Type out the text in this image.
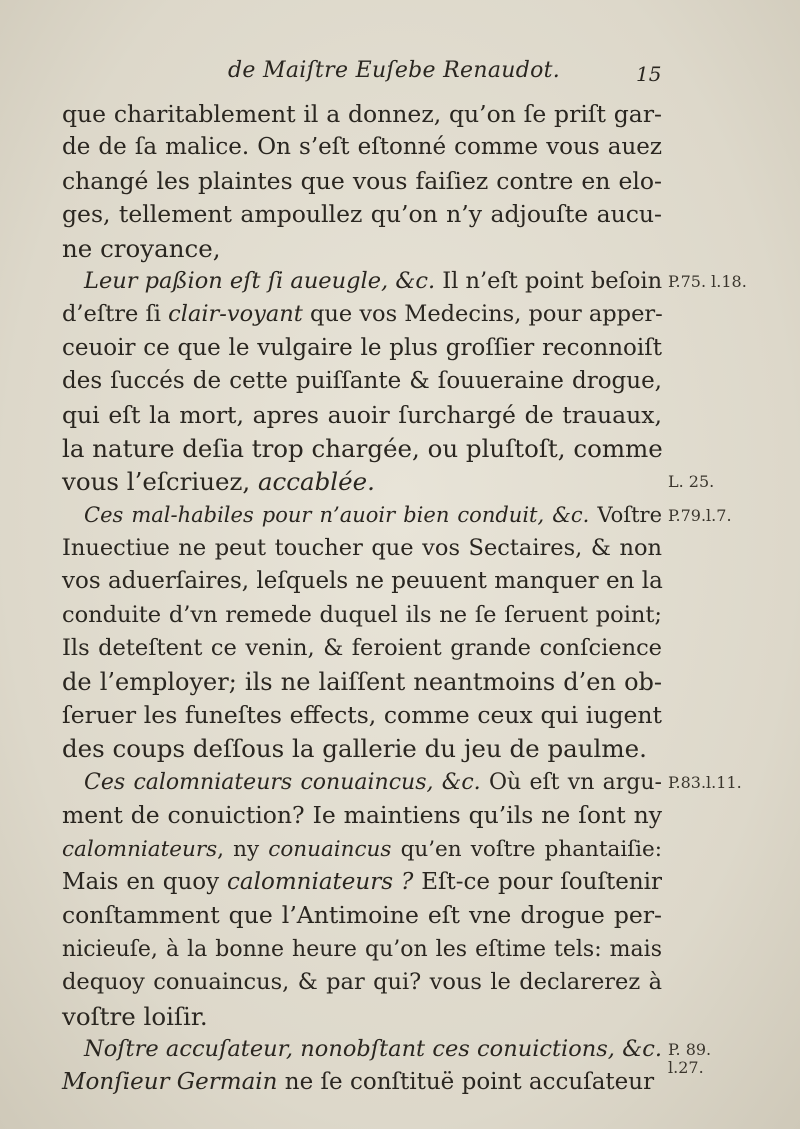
de Maiſtre Euſebe Renaudot.	15
que charitablement il a donnez, qu’on ſe priſt gar-
de de ſa malice. On s’eſt eſtonné comme vous auez
changé les plaintes que vous faiſiez contre en elo-
ges, tellement ampoullez qu’on n’y adjouſte aucu-
ne croyance,
Leur paßion eſt ſi aueugle, &c. Il n’eſt point beſoin
d’eſtre ſi clair-voyant que vos Medecins, pour apper-
ceuoir ce que le vulgaire le plus groſſier reconnoiſt
des ſuccés de cette puiſſante & ſouueraine drogue,
qui eſt la mort, apres auoir ſurchargé de trauaux,
la nature deſia trop chargée, ou pluſtoſt, comme
vous l’eſcriuez, accablée.
Ces mal-habiles pour n’auoir bien conduit, &c. Voſtre
Inuectiue ne peut toucher que vos Sectaires, & non
vos aduerſaires, leſquels ne peuuent manquer en la
conduite d’vn remede duquel ils ne ſe ſeruent point;
Ils deteſtent ce venin, & feroient grande conſcience
de l’employer; ils ne laiſſent neantmoins d’en ob-
ſeruer les funeſtes effects, comme ceux qui iugent
des coups deſſous la gallerie du jeu de paulme.
Ces calomniateurs conuaincus, &c. Où eſt vn argu-
ment de conuiction? Ie maintiens qu’ils ne ſont ny
calomniateurs, ny conuaincus qu’en voſtre phantaiſie:
Mais en quoy calomniateurs ? Eſt-ce pour ſouſtenir
conſtamment que l’Antimoine eſt vne drogue per-
nicieuſe, à la bonne heure qu’on les eſtime tels: mais
dequoy conuaincus, & par qui? vous le declarerez à
voſtre loiſir.
Noſtre accuſateur, nonobſtant ces conuictions, &c.
Monſieur Germain ne ſe conſtituë point accuſateur
P.75. l.18.
L. 25.
P.79.l.7.
P.83.l.11.
P. 89.
l.27.
